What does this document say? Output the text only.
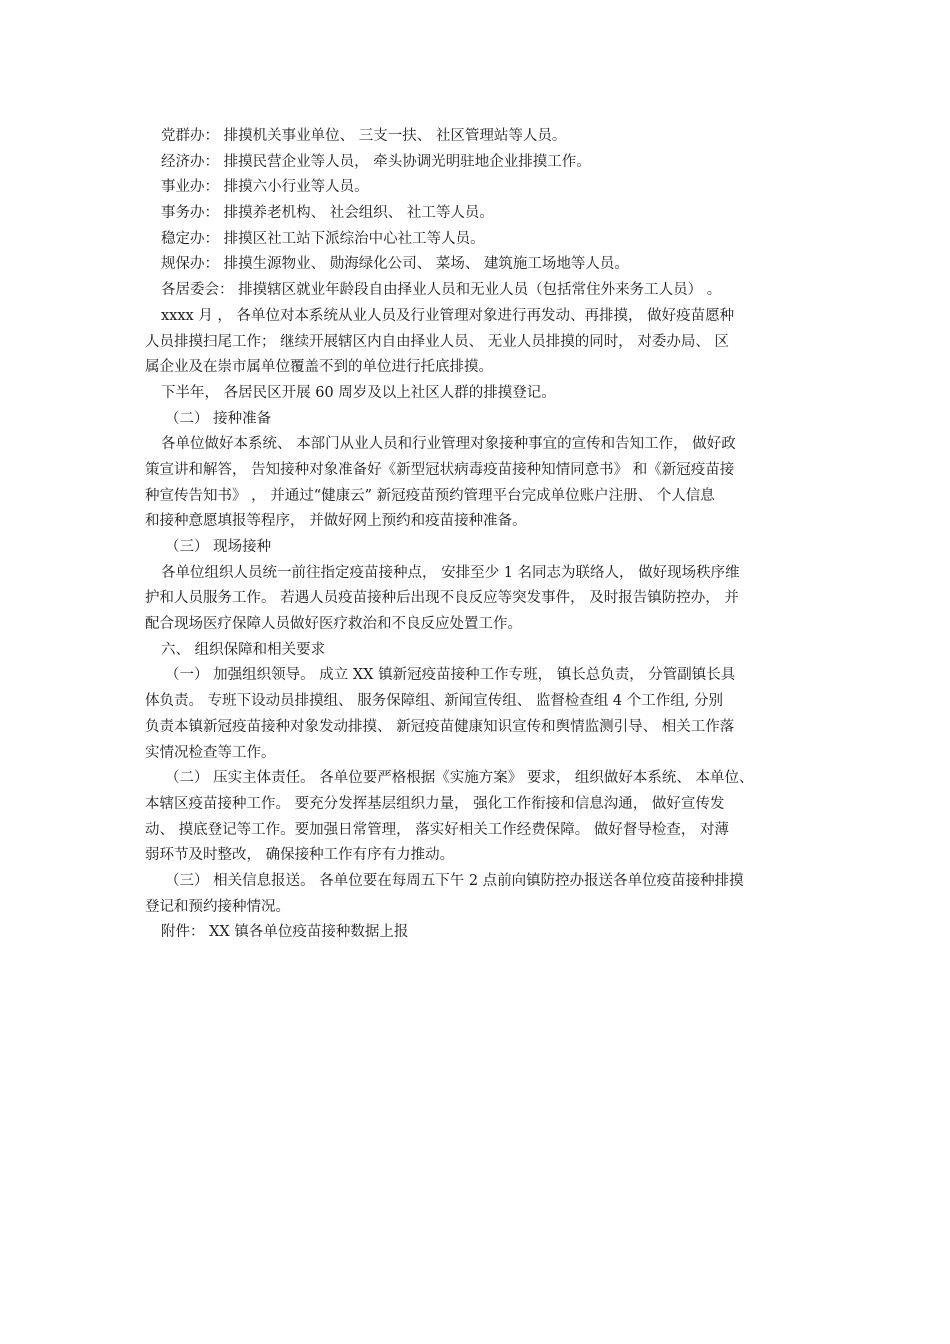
党群办： 排摸机关事业单位、 三支一扶、 社区管理站等人员。
经济办： 排摸民营企业等人员， 牵头协调光明驻地企业排摸工作。
事业办： 排摸六小行业等人员。
事务办： 排摸养老机构、 社会组织、 社工等人员。
稳定办： 排摸区社工站下派综治中心社工等人员。
规保办： 排摸生源物业、 勋海绿化公司、 菜场、 建筑施工场地等人员。
各居委会： 排摸辖区就业年龄段自由择业人员和无业人员（包括常住外来务工人员） 。
xxxx 月 ， 各单位对本系统从业人员及行业管理对象进行再发动、再排摸， 做好疫苗愿种
人员排摸扫尾工作； 继续开展辖区内自由择业人员、 无业人员排摸的同时， 对委办局、 区
属企业及在崇市属单位覆盖不到的单位进行托底排摸。
下半年， 各居民区开展 60 周岁及以上社区人群的排摸登记。
（二） 接种准备
各单位做好本系统、 本部门从业人员和行业管理对象接种事宜的宣传和告知工作， 做好政
策宣讲和解答， 告知接种对象准备好《新型冠状病毒疫苗接种知情同意书》 和《新冠疫苗接
种宣传告知书》 ， 并通过“健康云” 新冠疫苗预约管理平台完成单位账户注册、 个人信息
和接种意愿填报等程序， 并做好网上预约和疫苗接种准备。
（三） 现场接种
各单位组织人员统一前往指定疫苗接种点， 安排至少 1 名同志为联络人， 做好现场秩序维
护和人员服务工作。 若遇人员疫苗接种后出现不良反应等突发事件， 及时报告镇防控办， 并
配合现场医疗保障人员做好医疗救治和不良反应处置工作。
六、 组织保障和相关要求
（一） 加强组织领导。 成立 XX 镇新冠疫苗接种工作专班， 镇长总负责， 分管副镇长具
体负责。 专班下设动员排摸组、 服务保障组、新闻宣传组、 监督检查组 4 个工作组, 分别
负责本镇新冠疫苗接种对象发动排摸、 新冠疫苗健康知识宣传和舆情监测引导、 相关工作落
实情况检查等工作。
（二） 压实主体责任。 各单位要严格根据《实施方案》 要求， 组织做好本系统、 本单位、
本辖区疫苗接种工作。 要充分发挥基层组织力量， 强化工作衔接和信息沟通， 做好宣传发
动、 摸底登记等工作。要加强日常管理， 落实好相关工作经费保障。 做好督导检查， 对薄
弱环节及时整改， 确保接种工作有序有力推动。
（三） 相关信息报送。 各单位要在每周五下午 2 点前向镇防控办报送各单位疫苗接种排摸
登记和预约接种情况。
附件： XX 镇各单位疫苗接种数据上报
